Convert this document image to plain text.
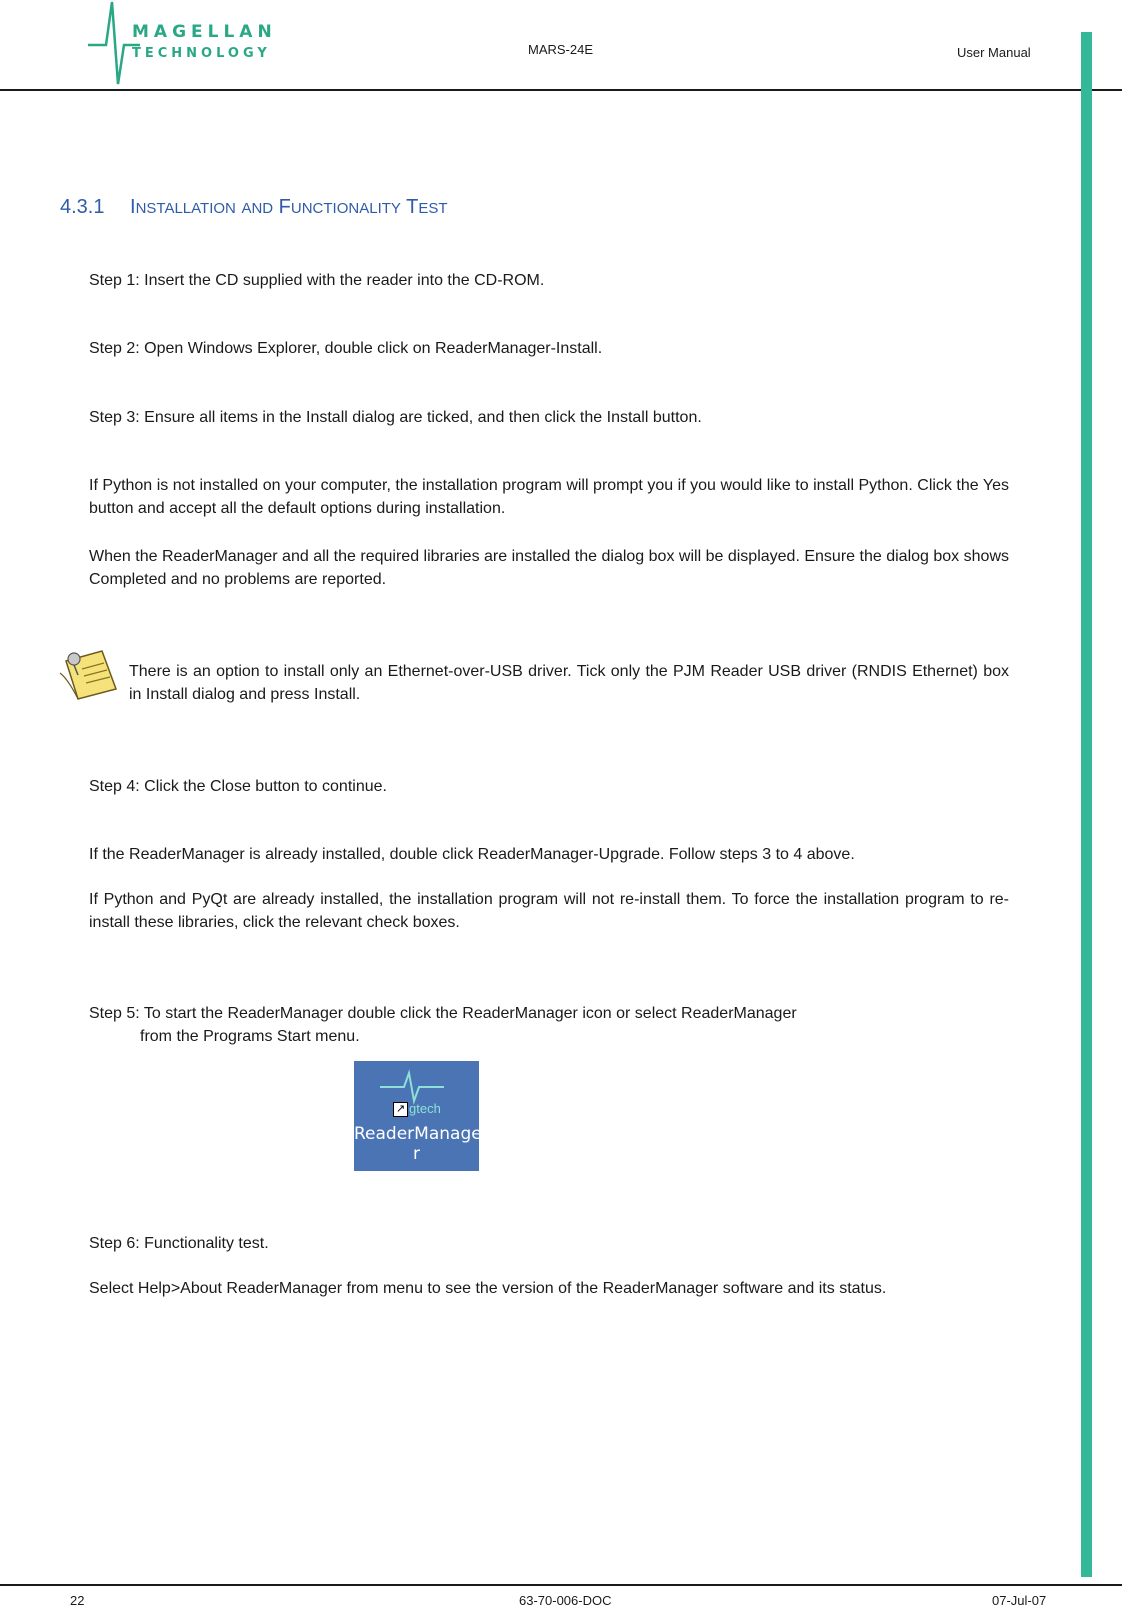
MAGELLAN
TECHNOLOGY	MARS-24E	User Manual
4.3.1 INSTALLATION AND FUNCTIONALITY TEST
Step 1: Insert the CD supplied with the reader into the CD-ROM.
Step 2: Open Windows Explorer, double click on ReaderManager-Install.
Step 3: Ensure all items in the Install dialog are ticked, and then click the Install button.
If Python is not installed on your computer, the installation program will prompt you if you would like to install Python. Click the Yes button and accept all the default options during installation.
When the ReaderManager and all the required libraries are installed the dialog box will be displayed. Ensure the dialog box shows Completed and no problems are reported.
There is an option to install only an Ethernet-over-USB driver. Tick only the PJM Reader USB driver (RNDIS Ethernet) box in Install dialog and press Install.
Step 4: Click the Close button to continue.
If the ReaderManager is already installed, double click ReaderManager-Upgrade. Follow steps 3 to 4 above.
If Python and PyQt are already installed, the installation program will not re-install them. To force the installation program to re-install these libraries, click the relevant check boxes.
Step 5: To start the ReaderManager double click the ReaderManager icon or select ReaderManager
from the Programs Start menu.
↗ gtech
ReaderManage
r
Step 6: Functionality test.
Select Help>About ReaderManager from menu to see the version of the ReaderManager software and its status.
22	63-70-006-DOC	07-Jul-07
